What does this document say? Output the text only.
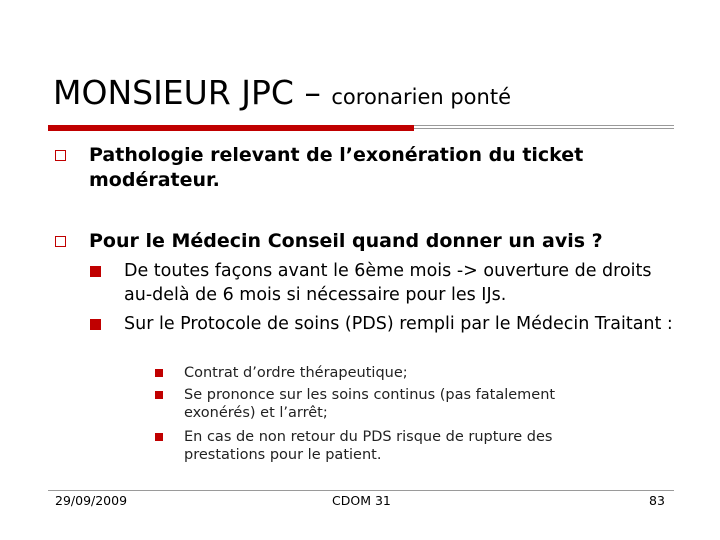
MONSIEUR JPC – coronarien ponté
Pathologie relevant de l’exonération du ticket modérateur.
Pour le Médecin Conseil quand donner un avis ?
De toutes façons avant le 6ème mois -> ouverture de droits au-delà de 6 mois si nécessaire pour les IJs.
Sur le Protocole de soins (PDS) rempli par le Médecin Traitant :
Contrat d’ordre thérapeutique;
Se prononce sur les soins continus (pas fatalement exonérés) et l’arrêt;
En cas de non retour du PDS risque de rupture des prestations pour le patient.
29/09/2009	CDOM 31	83
